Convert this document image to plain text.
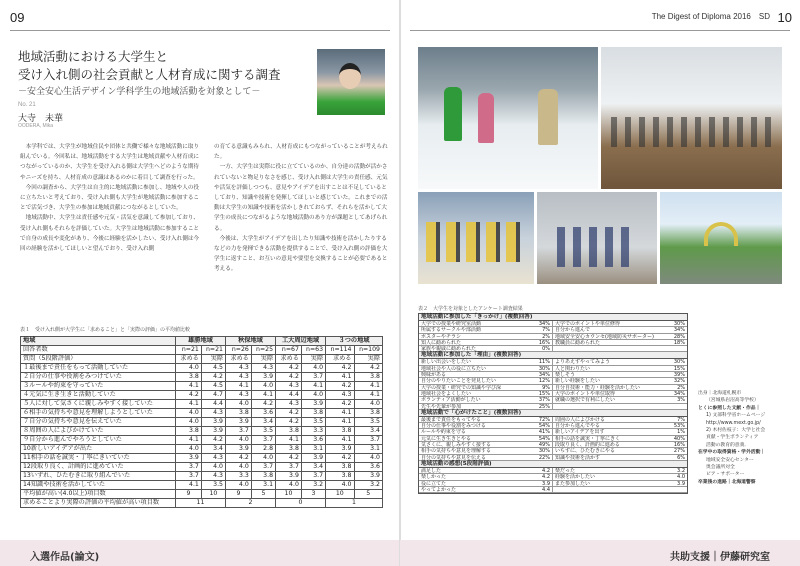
09
地域活動における大学生と
受け入れ側の社会貢献と人材育成に関する調査
－安全安心生活デザイン学科学生の地域活動を対象として－
No. 21
大寺　未華
OODERA, Mika

本学科では、大学生が地域住民や団体と共働で様々な地域活動に取り組んでいる。今回私は、地域活動をする大学生は地域貢献や人材育成につながっているのか、大学生を受け入れる側は大学生へどのような期待やニーズを持ち、人材育成の意識はあるのかに着目して調査を行った。

今回の調査から、大学生は自主的に地域活動に参加し、地域や人の役に立ちたいと考えており、受け入れ側も大学生が地域活動に参加することで活気づき、大学生の参加は地域貢献につながるとしていた。

地域活動中、大学生は責任感や元気・活気を意識して参加しており、受け入れ側もそれらを評価していた。大学生は地域活動に参加することで自身の成長や変化があり、今後に経験を活かしたい、受け入れ側は今回の経験を活かしてほしいと望んでおり、受け入れ側

の育てる意識もみられ、人材育成にもつながっていることが考えられた。

一方、大学生は実際に役に立てているのか、自分達の活動が活かされていないと物足りなさを感じ、受け入れ側は大学生の責任感、元気や活気を評価しつつも、意見やアイデアを出すことは不足しているとしており、知識や技術を発揮してほしいと感じていた。これまでの活動は大学生の知識や技術を活かしきれておらず、それらを活かして大学生の成長につながるような地域活動のあり方が課題としてあげられる。

今後は、大学生がアイデアを出したり知識や技術を活かしたりするなどの力を発揮できる活動を提供することで、受け入れ側の評価を大学生に返すこと、お互いの意見や要望を交換することが必要であると考える。

表１　受け入れ側が大学生に「求めること」と「実際の評価」の平均値比較
地域	雄勝地域		秋保地域		工大周辺地域		３つの地域	
回答者数	n=21	n=21	n=26	n=25	n=67	n=63	n=114	n=109
質問（5段階評価）	求める	実際	求める	実際	求める	実際	求める	実際
１最後まで責任をもって活動していた	4.0	4.5	4.3	4.3	4.2	4.0	4.2	4.2
２自分の仕事や役割をみつけていた	3.8	4.2	4.3	3.9	4.2	3.7	4.1	3.8
３ルールや約束を守っていた	4.1	4.5	4.1	4.0	4.3	4.1	4.2	4.1
４元気に生き生きと活動していた	4.2	4.7	4.3	4.1	4.4	4.0	4.3	4.1
５人に対して気さくに親しみやすく接していた	4.1	4.4	4.0	4.2	4.3	3.9	4.2	4.0
６相手の気持ちや意見を理解しようとしていた	4.0	4.3	3.8	3.6	4.2	3.8	4.1	3.8
７自分の気持ちや意見を伝えていた	4.0	3.9	3.9	3.4	4.2	3.5	4.1	3.5
８周囲の人によびかけていた	3.8	3.9	3.7	3.5	3.8	3.3	3.8	3.4
９自分から進んでやろうとしていた	4.1	4.2	4.0	3.7	4.1	3.6	4.1	3.7
10新しいアイデアが出た	4.0	3.4	3.9	2.8	3.8	3.1	3.9	3.1
11相手の話を誠実・丁寧にきいていた	3.9	4.3	4.2	4.0	4.2	3.9	4.2	4.0
12段取り良く、計画的に進めていた	3.7	4.0	4.0	3.7	3.7	3.4	3.8	3.6
13いずれ、ひたむきに取り組んでいた	3.7	4.3	3.3	3.8	3.9	3.7	3.8	3.9
14知識や技術を活かしていた	4.1	3.5	4.0	3.1	4.0	3.2	4.0	3.2
平均値が高い(4.0以上)項目数	9	10	9	5	10	3	10	5
求めることより実際の評価の平均値が高い項目数	11		2		0		1	
入選作品(論文)
The Digest of Diploma 2016　SD 10
表２　大学生を対象としたアンケート調査結果
地域活動に参加した「きっかけ」(複数回答)
大学での授業や研究室活動	34%	大学でのポイントや単位修得	30%
所属するサークルや部活動	7%	自分から進んで	34%
ポスターやチラシ	2%	地域安全安心カウンセ(地域防災サポーター)	28%
知人に勧められた	16%	教職員に勧められた	18%
家族や親戚に勧められた	0%
地域活動に参加した「理由」(複数回答)
新しい出会いをしたい	11%	よりあえずやってみよう	30%
地域社会や人の役に立ちたい	30%	人と関わりたい	15%
興味がある	34%	楽しそう	39%
自分のやりたいことを発見したい	12%	新しい経験をしたい	32%
大学の授業・研究での知識や学び深	9%	自分自技術・能力・経験を活かしたい	2%
地域社会をよくしたい	15%	大学のポイントや単位取得	34%
ボランティア活動がしたい	37%	就職の選択で有利にしたい	3%
先生や先輩が参加	25%
地域活動で「心がけたこと」(複数回答)
最後まで責任をもってやる	72%	周囲の人によびかける	7%
自分の仕事や役割をみつける	54%	自分から進んでやる	53%
ルールや約束を守る	41%	新しいアイデアを出す	1%
元気に生き生きとやる	54%	相手の話を誠実・丁寧にきく	40%
気さくに、親しみやすく接する	49%	段取り良く、計画的に進める	16%
相手の気持ちや意見を理解する	30%	いちずに、ひたむきにやる	27%
自分の気持ちや意見を伝える	22%	知識や技術を活かす	6%
地域活動の感想(5段階評価)
満足した	4.2	楽だった	3.2
楽しかった	4.2	経験を活かしたい	4.0
役に立てた	3.9	また参加したい	3.9
やってよかった	4.4
出身｜北海道札幌市
（宮城県岩沼高等学校）
とくに参照した文献・作品｜
1) 文部科学省ホームページ
http://www.mext.go.jp/
2) 木村佐枝子：大学と社会
貢献・学生ボランティア
活動の教育的意義．
在学中の取得資格・学外活動｜
地域安全安心センター
奥会議所対全
ピア・サポーター
卒業後の進路｜北海道警察
共助支援｜伊藤研究室
